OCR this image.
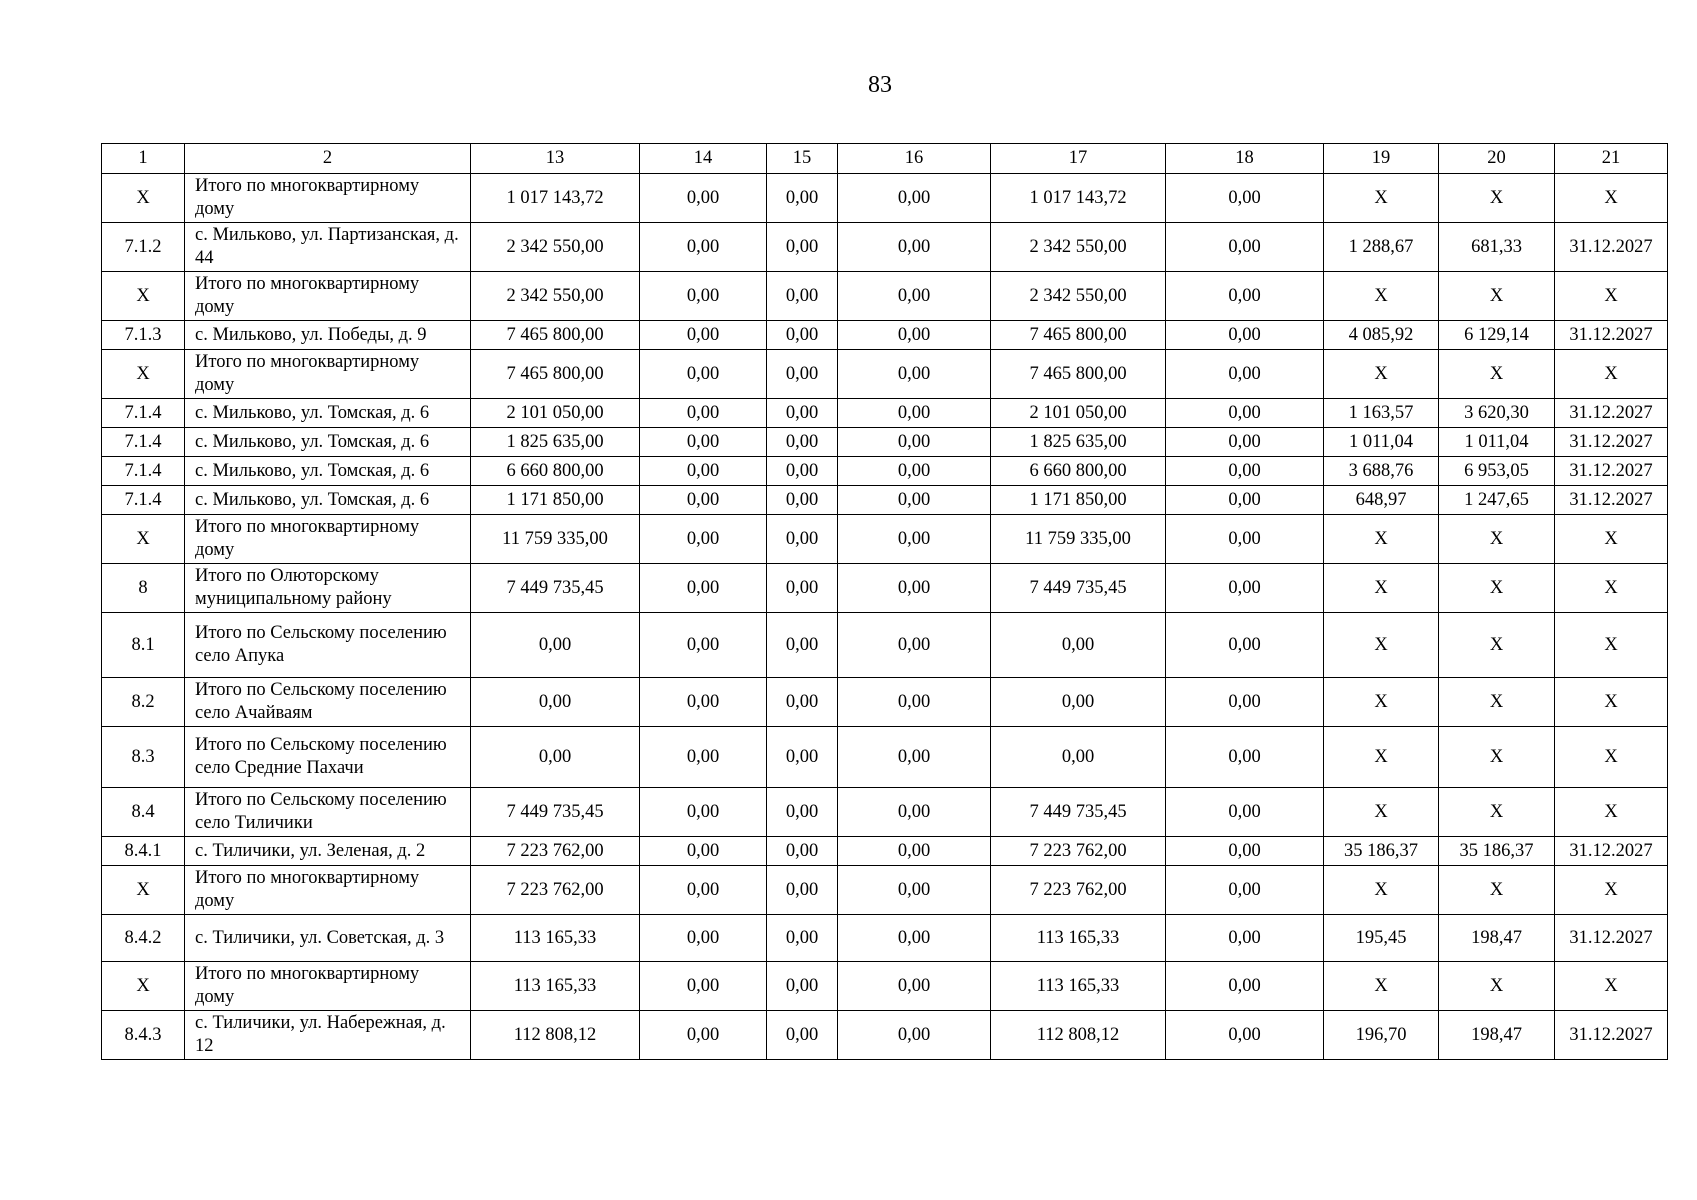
83
1	2	13	14	15	16	17	18	19	20	21
X	Итого по многоквартирному дому	1 017 143,72	0,00	0,00	0,00	1 017 143,72	0,00	X	X	X
7.1.2	с. Мильково, ул. Партизанская, д. 44	2 342 550,00	0,00	0,00	0,00	2 342 550,00	0,00	1 288,67	681,33	31.12.2027
X	Итого по многоквартирному дому	2 342 550,00	0,00	0,00	0,00	2 342 550,00	0,00	X	X	X
7.1.3	с. Мильково, ул. Победы, д. 9	7 465 800,00	0,00	0,00	0,00	7 465 800,00	0,00	4 085,92	6 129,14	31.12.2027
X	Итого по многоквартирному дому	7 465 800,00	0,00	0,00	0,00	7 465 800,00	0,00	X	X	X
7.1.4	с. Мильково, ул. Томская, д. 6	2 101 050,00	0,00	0,00	0,00	2 101 050,00	0,00	1 163,57	3 620,30	31.12.2027
7.1.4	с. Мильково, ул. Томская, д. 6	1 825 635,00	0,00	0,00	0,00	1 825 635,00	0,00	1 011,04	1 011,04	31.12.2027
7.1.4	с. Мильково, ул. Томская, д. 6	6 660 800,00	0,00	0,00	0,00	6 660 800,00	0,00	3 688,76	6 953,05	31.12.2027
7.1.4	с. Мильково, ул. Томская, д. 6	1 171 850,00	0,00	0,00	0,00	1 171 850,00	0,00	648,97	1 247,65	31.12.2027
X	Итого по многоквартирному дому	11 759 335,00	0,00	0,00	0,00	11 759 335,00	0,00	X	X	X
8	Итого по Олюторскому муниципальному району	7 449 735,45	0,00	0,00	0,00	7 449 735,45	0,00	X	X	X
8.1	Итого по Сельскому поселению село Апука	0,00	0,00	0,00	0,00	0,00	0,00	X	X	X
8.2	Итого по Сельскому поселению село Ачайваям	0,00	0,00	0,00	0,00	0,00	0,00	X	X	X
8.3	Итого по Сельскому поселению село Средние Пахачи	0,00	0,00	0,00	0,00	0,00	0,00	X	X	X
8.4	Итого по Сельскому поселению село Тиличики	7 449 735,45	0,00	0,00	0,00	7 449 735,45	0,00	X	X	X
8.4.1	с. Тиличики, ул. Зеленая, д. 2	7 223 762,00	0,00	0,00	0,00	7 223 762,00	0,00	35 186,37	35 186,37	31.12.2027
X	Итого по многоквартирному дому	7 223 762,00	0,00	0,00	0,00	7 223 762,00	0,00	X	X	X
8.4.2	с. Тиличики, ул. Советская, д. 3	113 165,33	0,00	0,00	0,00	113 165,33	0,00	195,45	198,47	31.12.2027
X	Итого по многоквартирному дому	113 165,33	0,00	0,00	0,00	113 165,33	0,00	X	X	X
8.4.3	с. Тиличики, ул. Набережная, д. 12	112 808,12	0,00	0,00	0,00	112 808,12	0,00	196,70	198,47	31.12.2027
